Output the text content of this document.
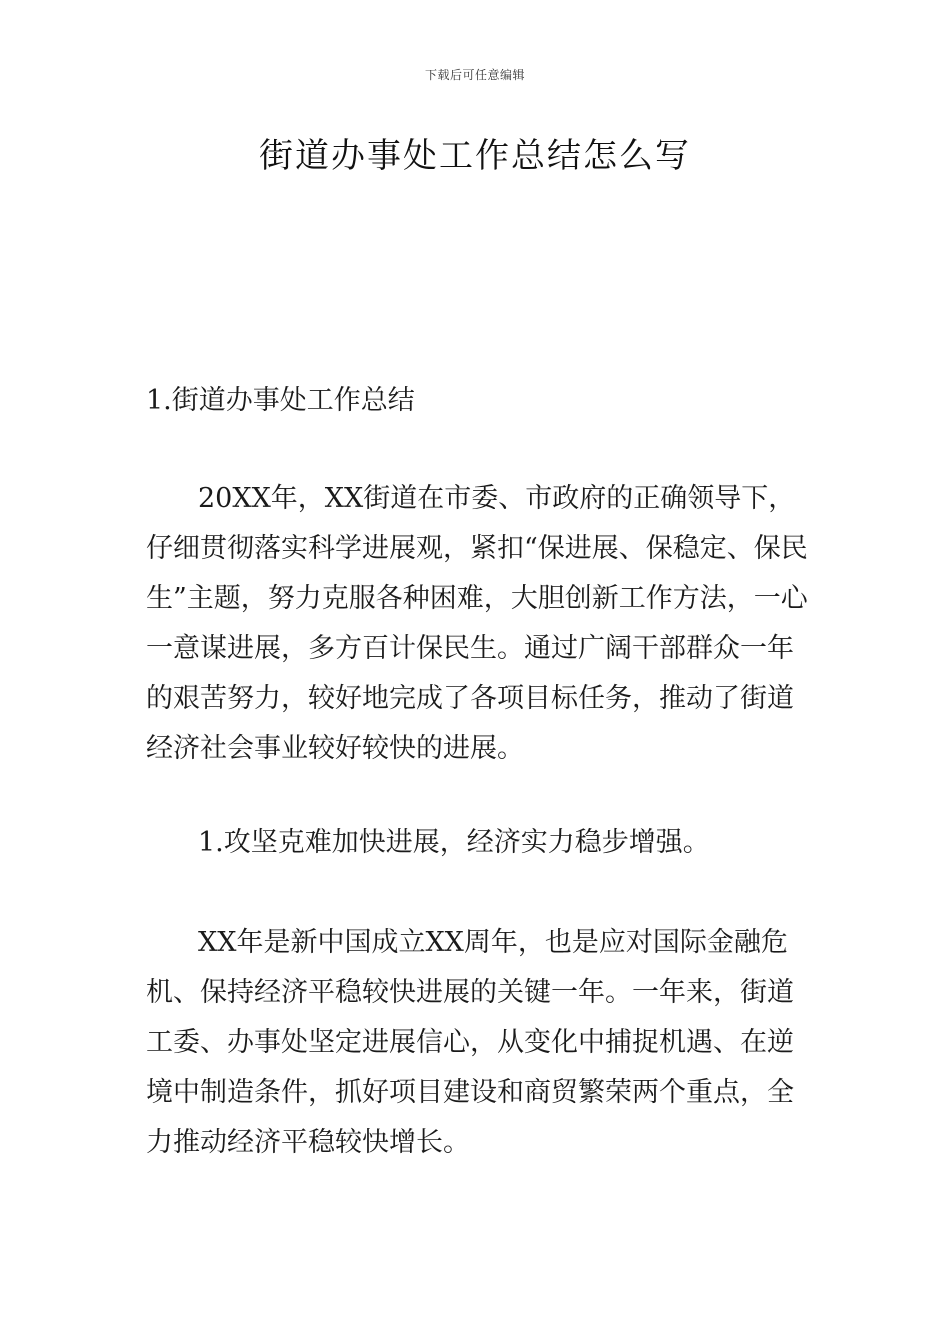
下载后可任意编辑
街道办事处工作总结怎么写

1.街道办事处工作总结

20XX年，XX街道在市委、市政府的正确领导下，仔细贯彻落实科学进展观，紧扣“保进展、保稳定、保民生”主题，努力克服各种困难，大胆创新工作方法，一心一意谋进展，多方百计保民生。通过广阔干部群众一年的艰苦努力，较好地完成了各项目标任务，推动了街道经济社会事业较好较快的进展。

1.攻坚克难加快进展，经济实力稳步增强。

XX年是新中国成立XX周年，也是应对国际金融危机、保持经济平稳较快进展的关键一年。一年来，街道工委、办事处坚定进展信心，从变化中捕捉机遇、在逆境中制造条件，抓好项目建设和商贸繁荣两个重点，全力推动经济平稳较快增长。
